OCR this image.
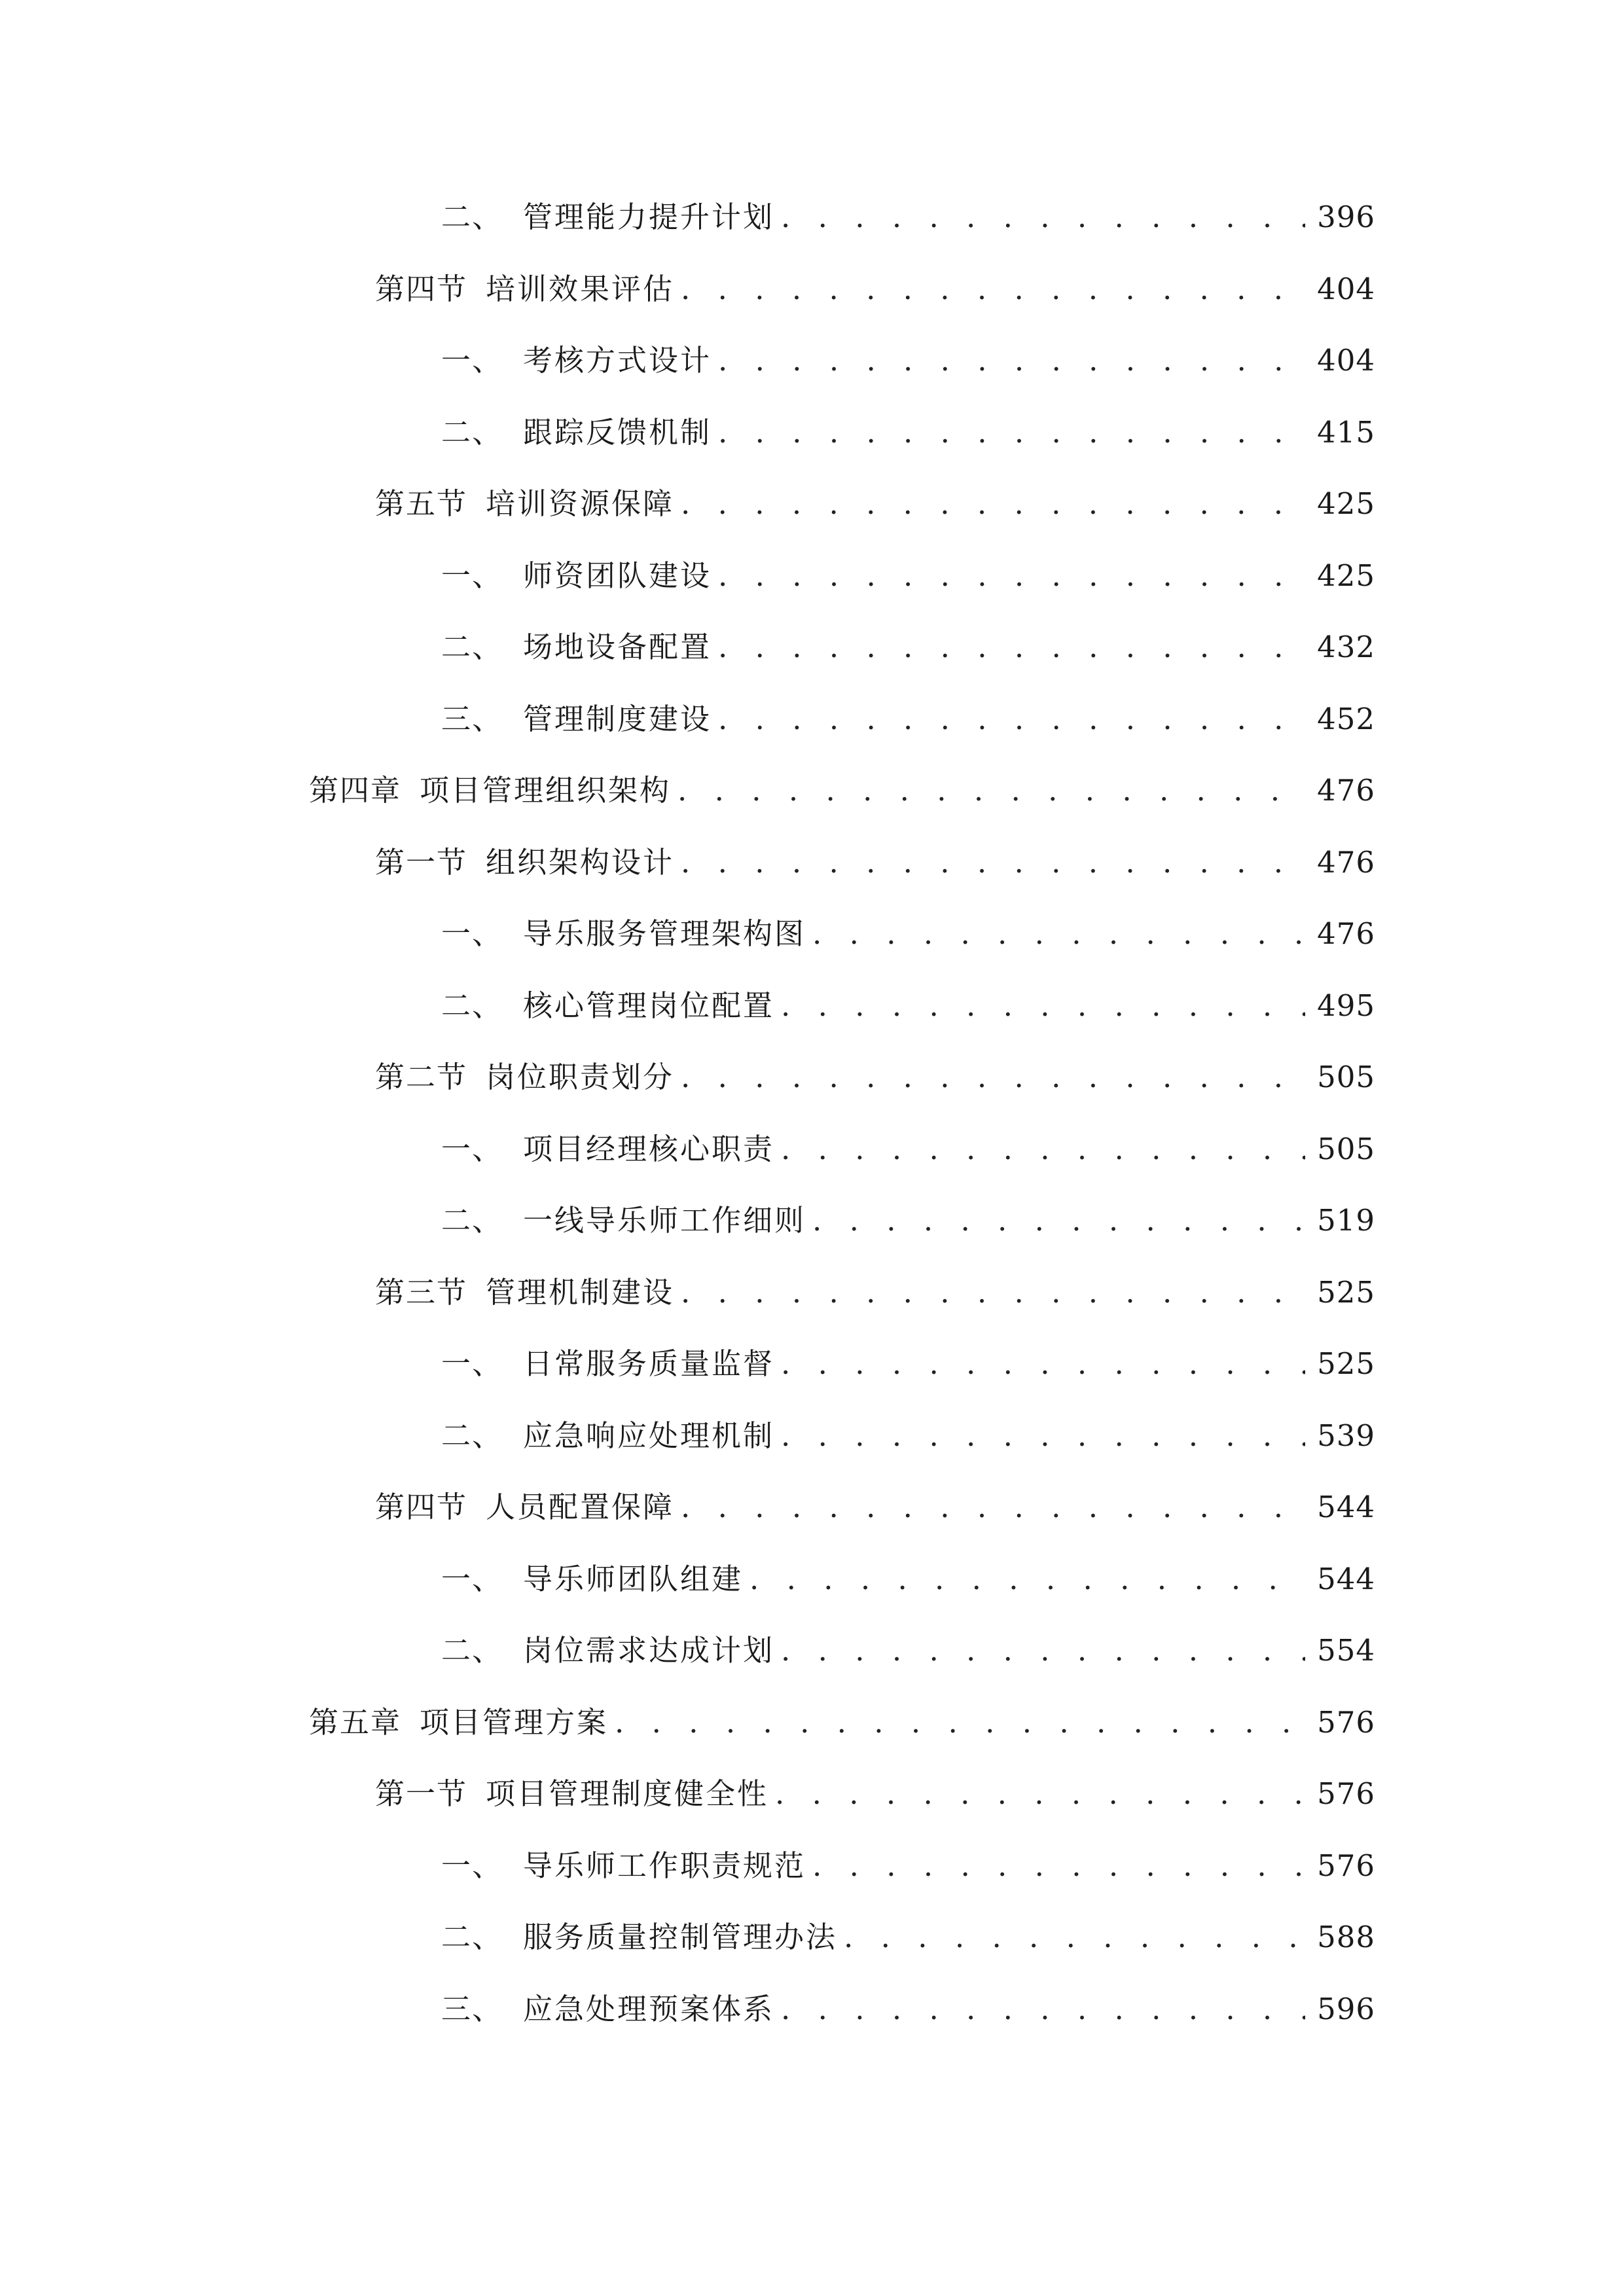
二、 管理能力提升计划 . . .	396
第四节 培训效果评估 . . .	404
一、 考核方式设计 . . .	404
二、 跟踪反馈机制 . . .	415
第五节 培训资源保障 . . .	425
一、 师资团队建设 . . .	425
二、 场地设备配置 . . .	432
三、 管理制度建设 . . .	452
第四章 项目管理组织架构 . . .	476
第一节 组织架构设计 . . .	476
一、 导乐服务管理架构图 . . .	476
二、 核心管理岗位配置 . . .	495
第二节 岗位职责划分 . . .	505
一、 项目经理核心职责 . . .	505
二、 一线导乐师工作细则 . . .	519
第三节 管理机制建设 . . .	525
一、 日常服务质量监督 . . .	525
二、 应急响应处理机制 . . .	539
第四节 人员配置保障 . . .	544
一、 导乐师团队组建 . . .	544
二、 岗位需求达成计划 . . .	554
第五章 项目管理方案 . . .	576
第一节 项目管理制度健全性 . . .	576
一、 导乐师工作职责规范 . . .	576
二、 服务质量控制管理办法 . . .	588
三、 应急处理预案体系 . . .	596
